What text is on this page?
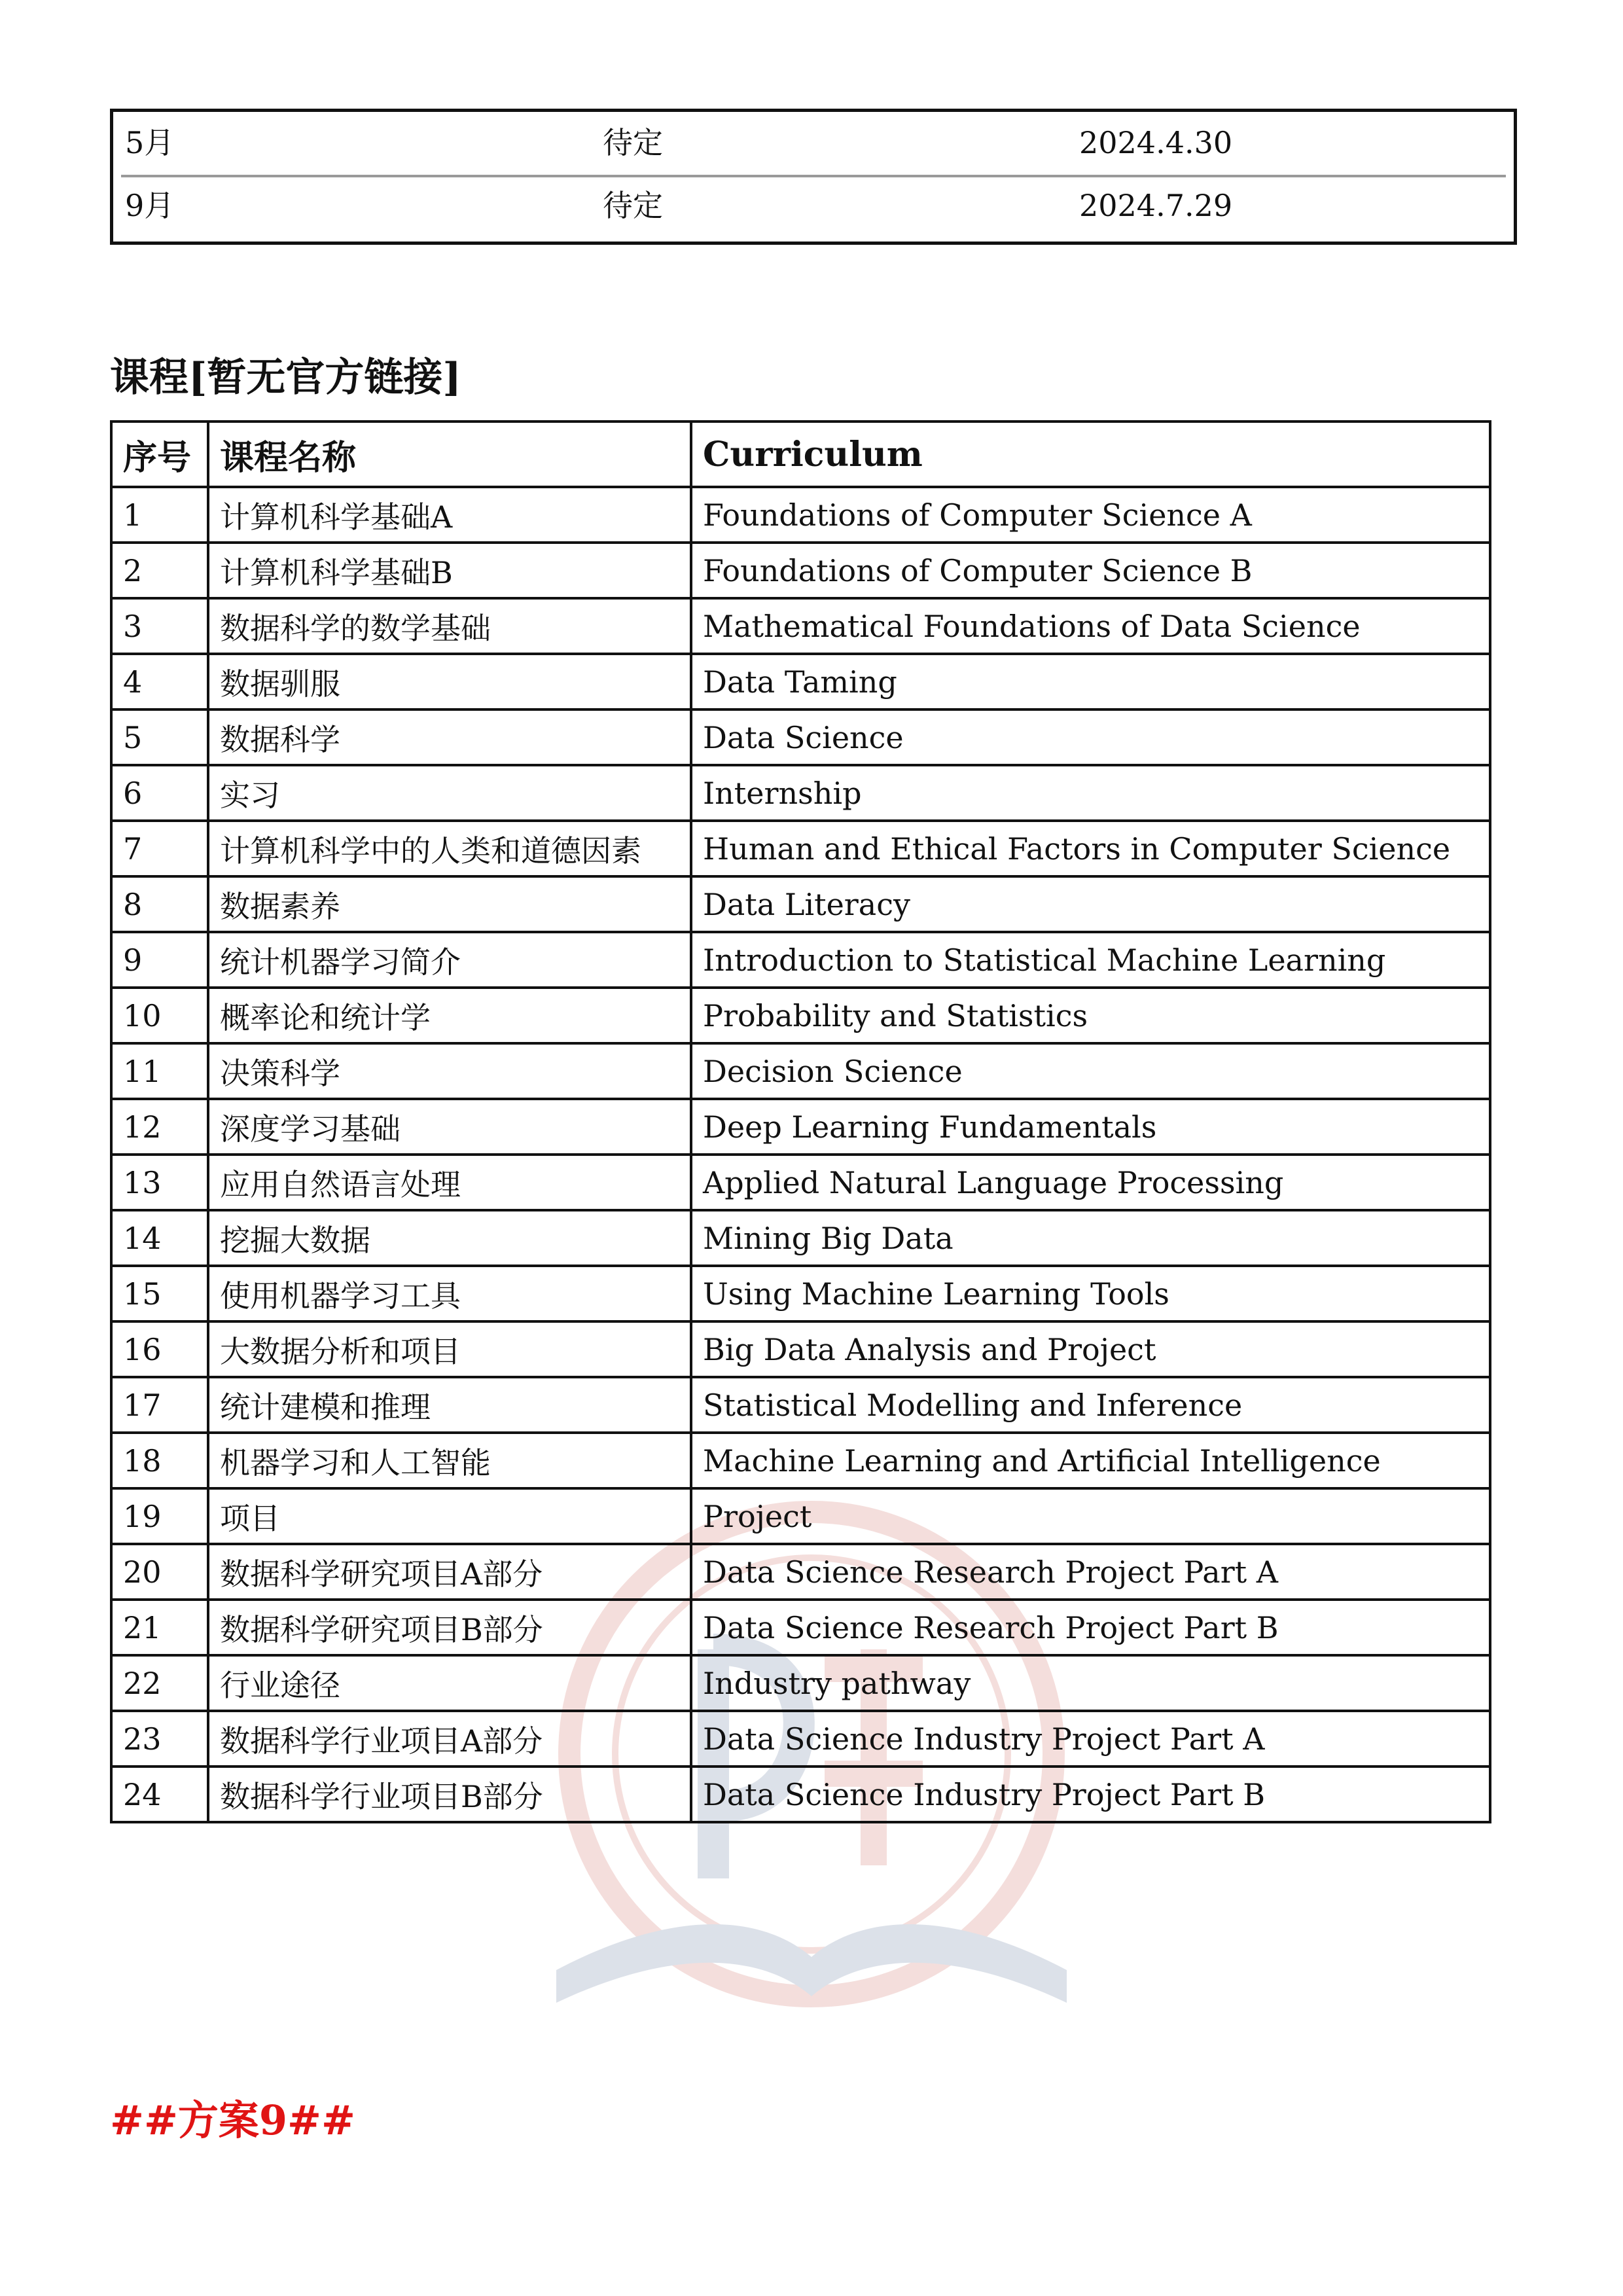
5月	待定	2024.4.30
9月	待定	2024.7.29
课程[暂无官方链接]
序号	课程名称	Curriculum
1	计算机科学基础A	Foundations of Computer Science A
2	计算机科学基础B	Foundations of Computer Science B
3	数据科学的数学基础	Mathematical Foundations of Data Science
4	数据驯服	Data Taming
5	数据科学	Data Science
6	实习	Internship
7	计算机科学中的人类和道德因素	Human and Ethical Factors in Computer Science
8	数据素养	Data Literacy
9	统计机器学习简介	Introduction to Statistical Machine Learning
10	概率论和统计学	Probability and Statistics
11	决策科学	Decision Science
12	深度学习基础	Deep Learning Fundamentals
13	应用自然语言处理	Applied Natural Language Processing
14	挖掘大数据	Mining Big Data
15	使用机器学习工具	Using Machine Learning Tools
16	大数据分析和项目	Big Data Analysis and Project
17	统计建模和推理	Statistical Modelling and Inference
18	机器学习和人工智能	Machine Learning and Artificial Intelligence
19	项目	Project
20	数据科学研究项目A部分	Data Science Research Project Part A
21	数据科学研究项目B部分	Data Science Research Project Part B
22	行业途径	Industry pathway
23	数据科学行业项目A部分	Data Science Industry Project Part A
24	数据科学行业项目B部分	Data Science Industry Project Part B

##方案9##
